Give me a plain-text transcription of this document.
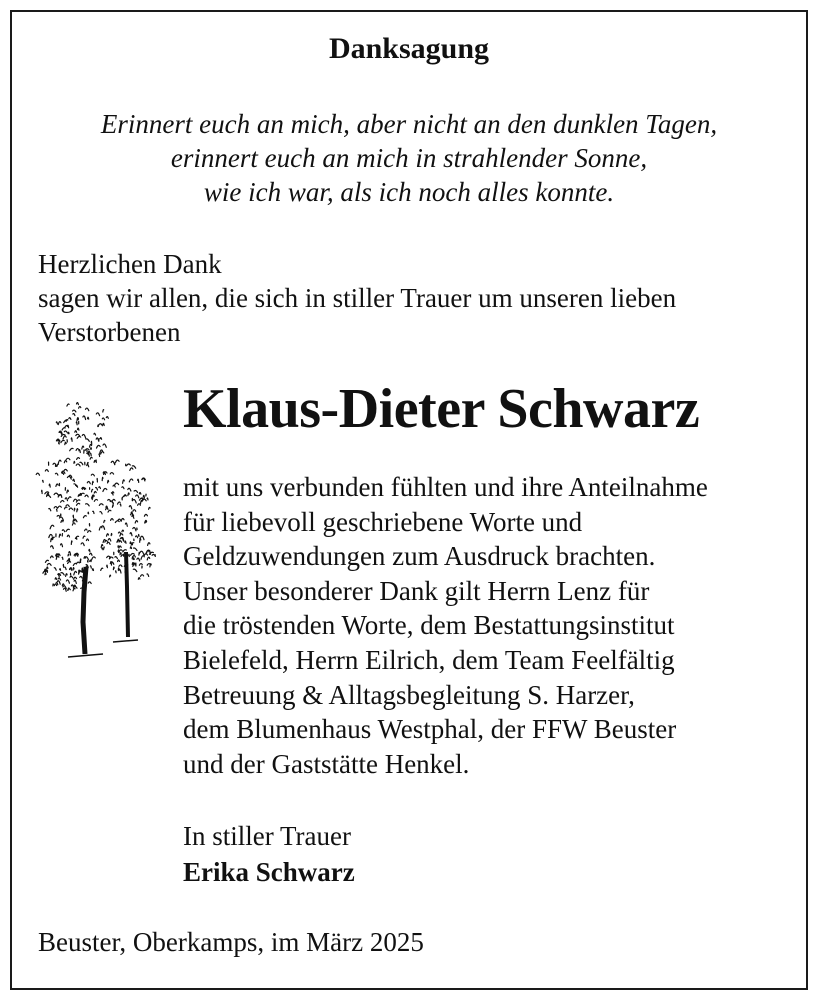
Danksagung
Erinnert euch an mich, aber nicht an den dunklen Tagen,
erinnert euch an mich in strahlender Sonne,
wie ich war, als ich noch alles konnte.
Herzlichen Dank
sagen wir allen, die sich in stiller Trauer um unseren lieben
Verstorbenen
Klaus-Dieter Schwarz
mit uns verbunden fühlten und ihre Anteilnahme
für liebevoll geschriebene Worte und
Geldzuwendungen zum Ausdruck brachten.
Unser besonderer Dank gilt Herrn Lenz für
die tröstenden Worte, dem Bestattungsinstitut
Bielefeld, Herrn Eilrich, dem Team Feelfältig
Betreuung & Alltagsbegleitung S. Harzer,
dem Blumenhaus Westphal, der FFW Beuster
und der Gaststätte Henkel.
In stiller Trauer
Erika Schwarz
Beuster, Oberkamps, im März 2025
